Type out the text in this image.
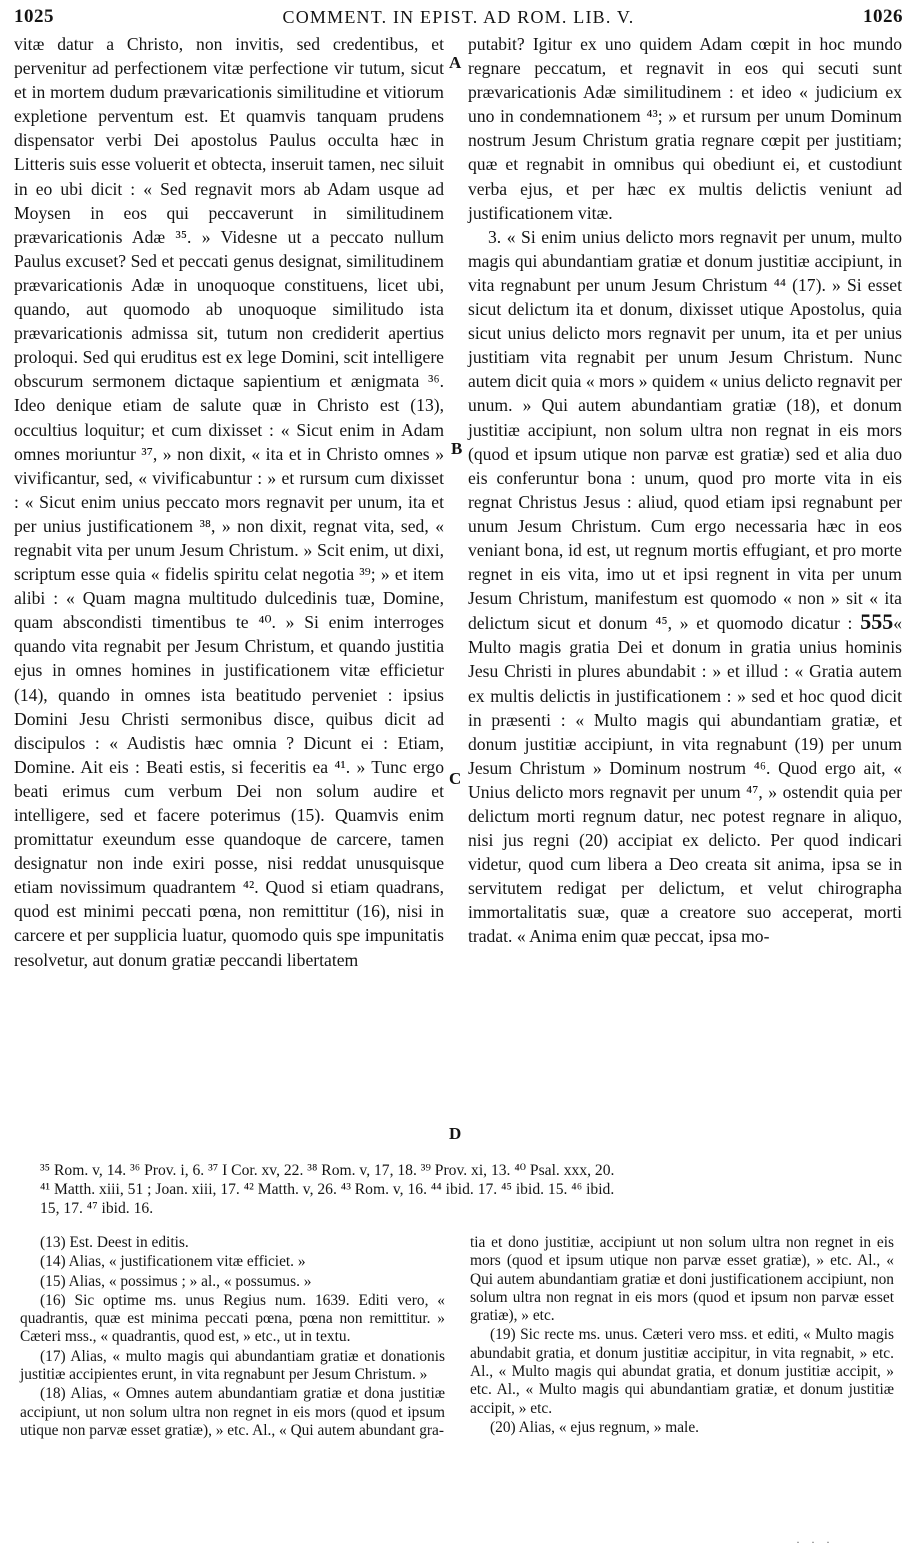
1025	COMMENT. IN EPIST. AD ROM. LIB. V.	1026

vitæ datur a Christo, non invitis, sed credentibus, et pervenitur ad perfectionem vitæ perfectione vir tutum, sicut et in mortem dudum prævaricationis similitudine et vitiorum expletione perventum est. Et quamvis tanquam prudens dispensator verbi Dei apostolus Paulus occulta hæc in Litteris suis esse voluerit et obtecta, inseruit tamen, nec siluit in eo ubi dicit : « Sed regnavit mors ab Adam usque ad Moysen in eos qui peccaverunt in similitudinem prævaricationis Adæ ³⁵. » Videsne ut a peccato nullum Paulus excuset? Sed et peccati genus designat, similitudinem prævaricationis Adæ in unoquoque constituens, licet ubi, quando, aut quomodo ab unoquoque similitudo ista prævaricationis admissa sit, tutum non crediderit apertius proloqui. Sed qui eruditus est ex lege Domini, scit intelligere obscurum sermonem dictaque sapientium et ænigmata ³⁶. Ideo denique etiam de salute quæ in Christo est (13), occultius loquitur; et cum dixisset : « Sicut enim in Adam omnes moriuntur ³⁷, » non dixit, « ita et in Christo omnes » vivificantur, sed, « vivificabuntur : » et rursum cum dixisset : « Sicut enim unius peccato mors regnavit per unum, ita et per unius justificationem ³⁸, » non dixit, regnat vita, sed, « regnabit vita per unum Jesum Christum. » Scit enim, ut dixi, scriptum esse quia « fidelis spiritu celat negotia ³⁹; » et item alibi : « Quam magna multitudo dulcedinis tuæ, Domine, quam abscondisti timentibus te ⁴⁰. » Si enim interroges quando vita regnabit per Jesum Christum, et quando justitia ejus in omnes homines in justificationem vitæ efficietur (14), quando in omnes ista beatitudo perveniet : ipsius Domini Jesu Christi sermonibus disce, quibus dicit ad discipulos : « Audistis hæc omnia ? Dicunt ei : Etiam, Domine. Ait eis : Beati estis, si feceritis ea ⁴¹. » Tunc ergo beati erimus cum verbum Dei non solum audire et intelligere, sed et facere poterimus (15). Quamvis enim promittatur exeundum esse quandoque de carcere, tamen designatur non inde exiri posse, nisi reddat unusquisque etiam novissimum quadrantem ⁴². Quod si etiam quadrans, quod est minimi peccati pœna, non remittitur (16), nisi in carcere et per supplicia luatur, quomodo quis spe impunitatis resolvetur, aut donum gratiæ peccandi libertatem

A
B
C
D

putabit? Igitur ex uno quidem Adam cœpit in hoc mundo regnare peccatum, et regnavit in eos qui secuti sunt prævaricationis Adæ similitudinem : et ideo « judicium ex uno in condemnationem ⁴³; » et rursum per unum Dominum nostrum Jesum Christum gratia regnare cœpit per justitiam; quæ et regnabit in omnibus qui obediunt ei, et custodiunt verba ejus, et per hæc ex multis delictis veniunt ad justificationem vitæ.

3. « Si enim unius delicto mors regnavit per unum, multo magis qui abundantiam gratiæ et donum justitiæ accipiunt, in vita regnabunt per unum Jesum Christum ⁴⁴ (17). » Si esset sicut delictum ita et donum, dixisset utique Apostolus, quia sicut unius delicto mors regnavit per unum, ita et per unius justitiam vita regnabit per unum Jesum Christum. Nunc autem dicit quia « mors » quidem « unius delicto regnavit per unum. » Qui autem abundantiam gratiæ (18), et donum justitiæ accipiunt, non solum ultra non regnat in eis mors (quod et ipsum utique non parvæ est gratiæ) sed et alia duo eis conferuntur bona : unum, quod pro morte vita in eis regnat Christus Jesus : aliud, quod etiam ipsi regnabunt per unum Jesum Christum. Cum ergo necessaria hæc in eos veniant bona, id est, ut regnum mortis effugiant, et pro morte regnet in eis vita, imo ut et ipsi regnent in vita per unum Jesum Christum, manifestum est quomodo « non » sit « ita delictum sicut et donum ⁴⁵, » et quomodo dicatur : 555« Multo magis gratia Dei et donum in gratia unius hominis Jesu Christi in plures abundabit : » et illud : « Gratia autem ex multis delictis in justificationem : » sed et hoc quod dicit in præsenti : « Multo magis qui abundantiam gratiæ, et donum justitiæ accipiunt, in vita regnabunt (19) per unum Jesum Christum » Dominum nostrum ⁴⁶. Quod ergo ait, « Unius delicto mors regnavit per unum ⁴⁷, » ostendit quia per delictum morti regnum datur, nec potest regnare in aliquo, nisi jus regni (20) accipiat ex delicto. Per quod indicari videtur, quod cum libera a Deo creata sit anima, ipsa se in servitutem redigat per delictum, et velut chirographa immortalitatis suæ, quæ a creatore suo acceperat, morti tradat. « Anima enim quæ peccat, ipsa mo-

³⁵ Rom. v, 14. ³⁶ Prov. i, 6. ³⁷ I Cor. xv, 22. ³⁸ Rom. v, 17, 18. ³⁹ Prov. xi, 13. ⁴⁰ Psal. xxx, 20.

⁴¹ Matth. xiii, 51 ; Joan. xiii, 17. ⁴² Matth. v, 26. ⁴³ Rom. v, 16. ⁴⁴ ibid. 17. ⁴⁵ ibid. 15. ⁴⁶ ibid.

15, 17. ⁴⁷ ibid. 16.

(13) Est. Deest in editis.

(14) Alias, « justificationem vitæ efficiet. »

(15) Alias, « possimus ; » al., « possumus. »

(16) Sic optime ms. unus Regius num. 1639. Editi vero, « quadrantis, quæ est minima peccati pœna, pœna non remittitur. » Cæteri mss., « quadrantis, quod est, » etc., ut in textu.

(17) Alias, « multo magis qui abundantiam gratiæ et donationis justitiæ accipientes erunt, in vita regnabunt per Jesum Christum. »

(18) Alias, « Omnes autem abundantiam gratiæ et dona justitiæ accipiunt, ut non solum ultra non regnet in eis mors (quod et ipsum utique non parvæ esset gratiæ), » etc. Al., « Qui autem abundant gra-

tia et dono justitiæ, accipiunt ut non solum ultra non regnet in eis mors (quod et ipsum utique non parvæ esset gratiæ), » etc. Al., « Qui autem abundantiam gratiæ et doni justificationem accipiunt, non solum ultra non regnat in eis mors (quod et ipsum non parvæ esset gratiæ), » etc.

(19) Sic recte ms. unus. Cæteri vero mss. et editi, « Multo magis abundabit gratia, et donum justitiæ accipitur, in vita regnabit, » etc. Al., « Multo magis qui abundat gratia, et donum justitiæ accipit, » etc. Al., « Multo magis qui abundantiam gratiæ, et donum justitiæ accipit, » etc.

(20) Alias, « ejus regnum, » male.

· · ·
